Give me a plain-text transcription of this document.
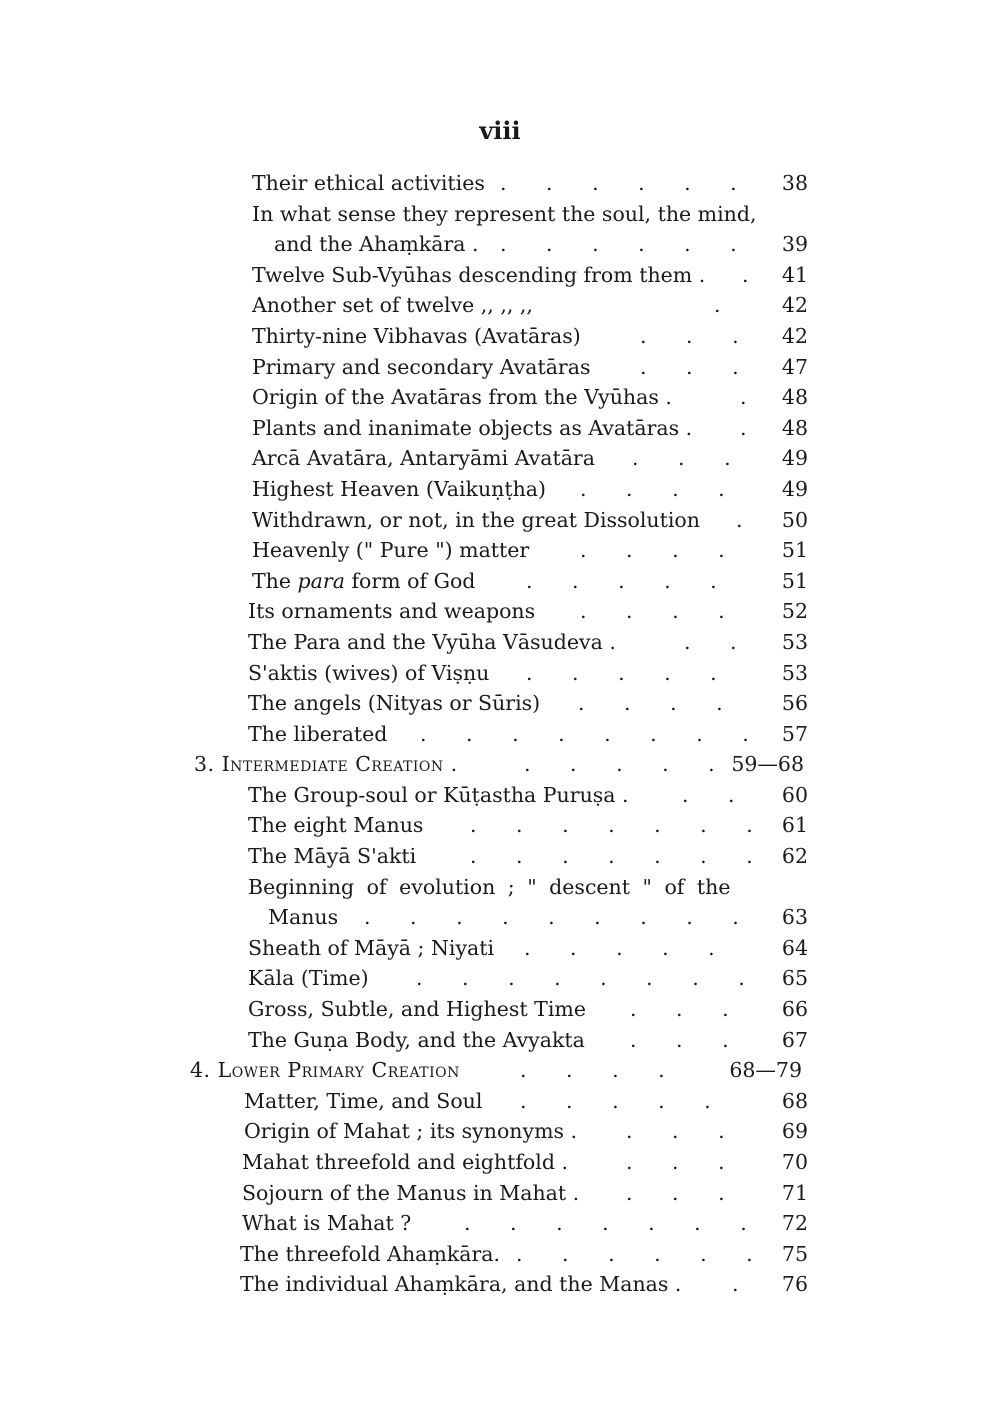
viii
Their ethical activities . . . . . . 38
In what sense they represent the soul, the mind,
and the Ahaṃkāra . . . . . . . 39
Twelve Sub-Vyūhas descending from them . . 41
Another set of twelve ,, ,, ,,	.	42
Thirty-nine Vibhavas (Avatāras)	. . . 42
Primary and secondary Avatāras . . . 47
Origin of the Avatāras from the Vyūhas .	. 48
Plants and inanimate objects as Avatāras . . 48
Arcā Avatāra, Antaryāmi Avatāra . . .	49
Highest Heaven (Vaikuṇṭha) . . . .	49
Withdrawn, or not, in the great Dissolution . 50
Heavenly (" Pure ") matter . . . .	51
The para form of God . . . . .	51
Its ornaments and weapons . . . .	52
The Para and the Vyūha Vāsudeva .	. . 53
S'aktis (wives) of Viṣṇu . . . . .	53
The angels (Nityas or Sūris) . . . .	56
The liberated . . . . . . . . 57
3. Intermediate Creation .	. . . . . 59—68
The Group-soul or Kūṭastha Puruṣa .	. . 60
The eight Manus . . . . . . . 61
The Māyā S'akti	. . . . . . . 62
Beginning of evolution ; " descent " of the
Manus . . . . . . . . . 63
Sheath of Māyā ; Niyati . . . . .	64
Kāla (Time) . . . . . . . . 65
Gross, Subtle, and Highest Time . . .	66
The Guṇa Body, and the Avyakta . . .	67
4. Lower Primary Creation	. . . .	68—79
Matter, Time, and Soul . . . . .	68
Origin of Mahat ; its synonyms . . . .	69
Mahat threefold and eightfold .	. . .	70
Sojourn of the Manus in Mahat . . . .	71
What is Mahat ?	. . . . . . . 72
The threefold Ahaṃkāra. . . . . . . 75
The individual Ahaṃkāra, and the Manas . . 76
